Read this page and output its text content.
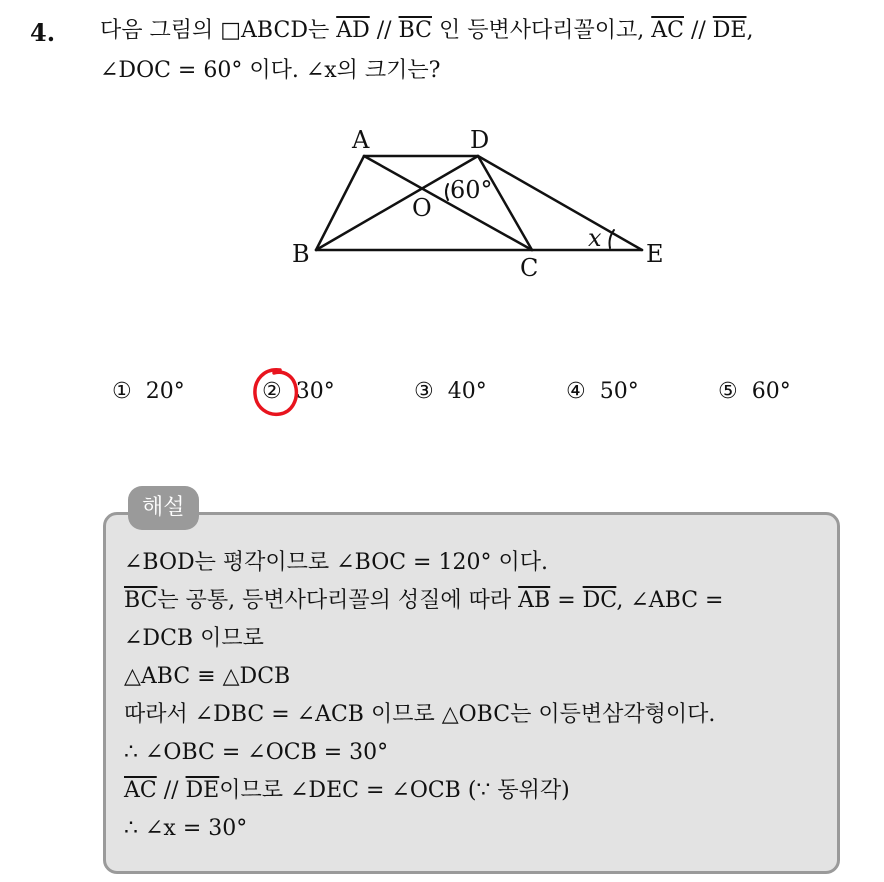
4. 다음 그림의 □ABCD는 $\overline{AD} // \overline{BC}$ 인 등변사다리꼴이고, $\overline{AC} // \overline{DE}$,
∠DOC = 60° 이다. ∠x의 크기는?
A	D
B	C	E
O
60°
x
① 20°	② 30°	③ 40°	④ 50°	⑤ 60°
해설
∠BOD는 평각이므로 ∠BOC = 120° 이다.
$\overline{BC}$는 공통, 등변사다리꼴의 성질에 따라 $\overline{AB} = \overline{DC}$, ∠ABC =
∠DCB 이므로
△ABC ≡ △DCB
따라서 ∠DBC = ∠ACB 이므로 △OBC는 이등변삼각형이다.
∴ ∠OBC = ∠OCB = 30°
$\overline{AC} // \overline{DE}$이므로 ∠DEC = ∠OCB (∵ 동위각)
∴ ∠x = 30°
